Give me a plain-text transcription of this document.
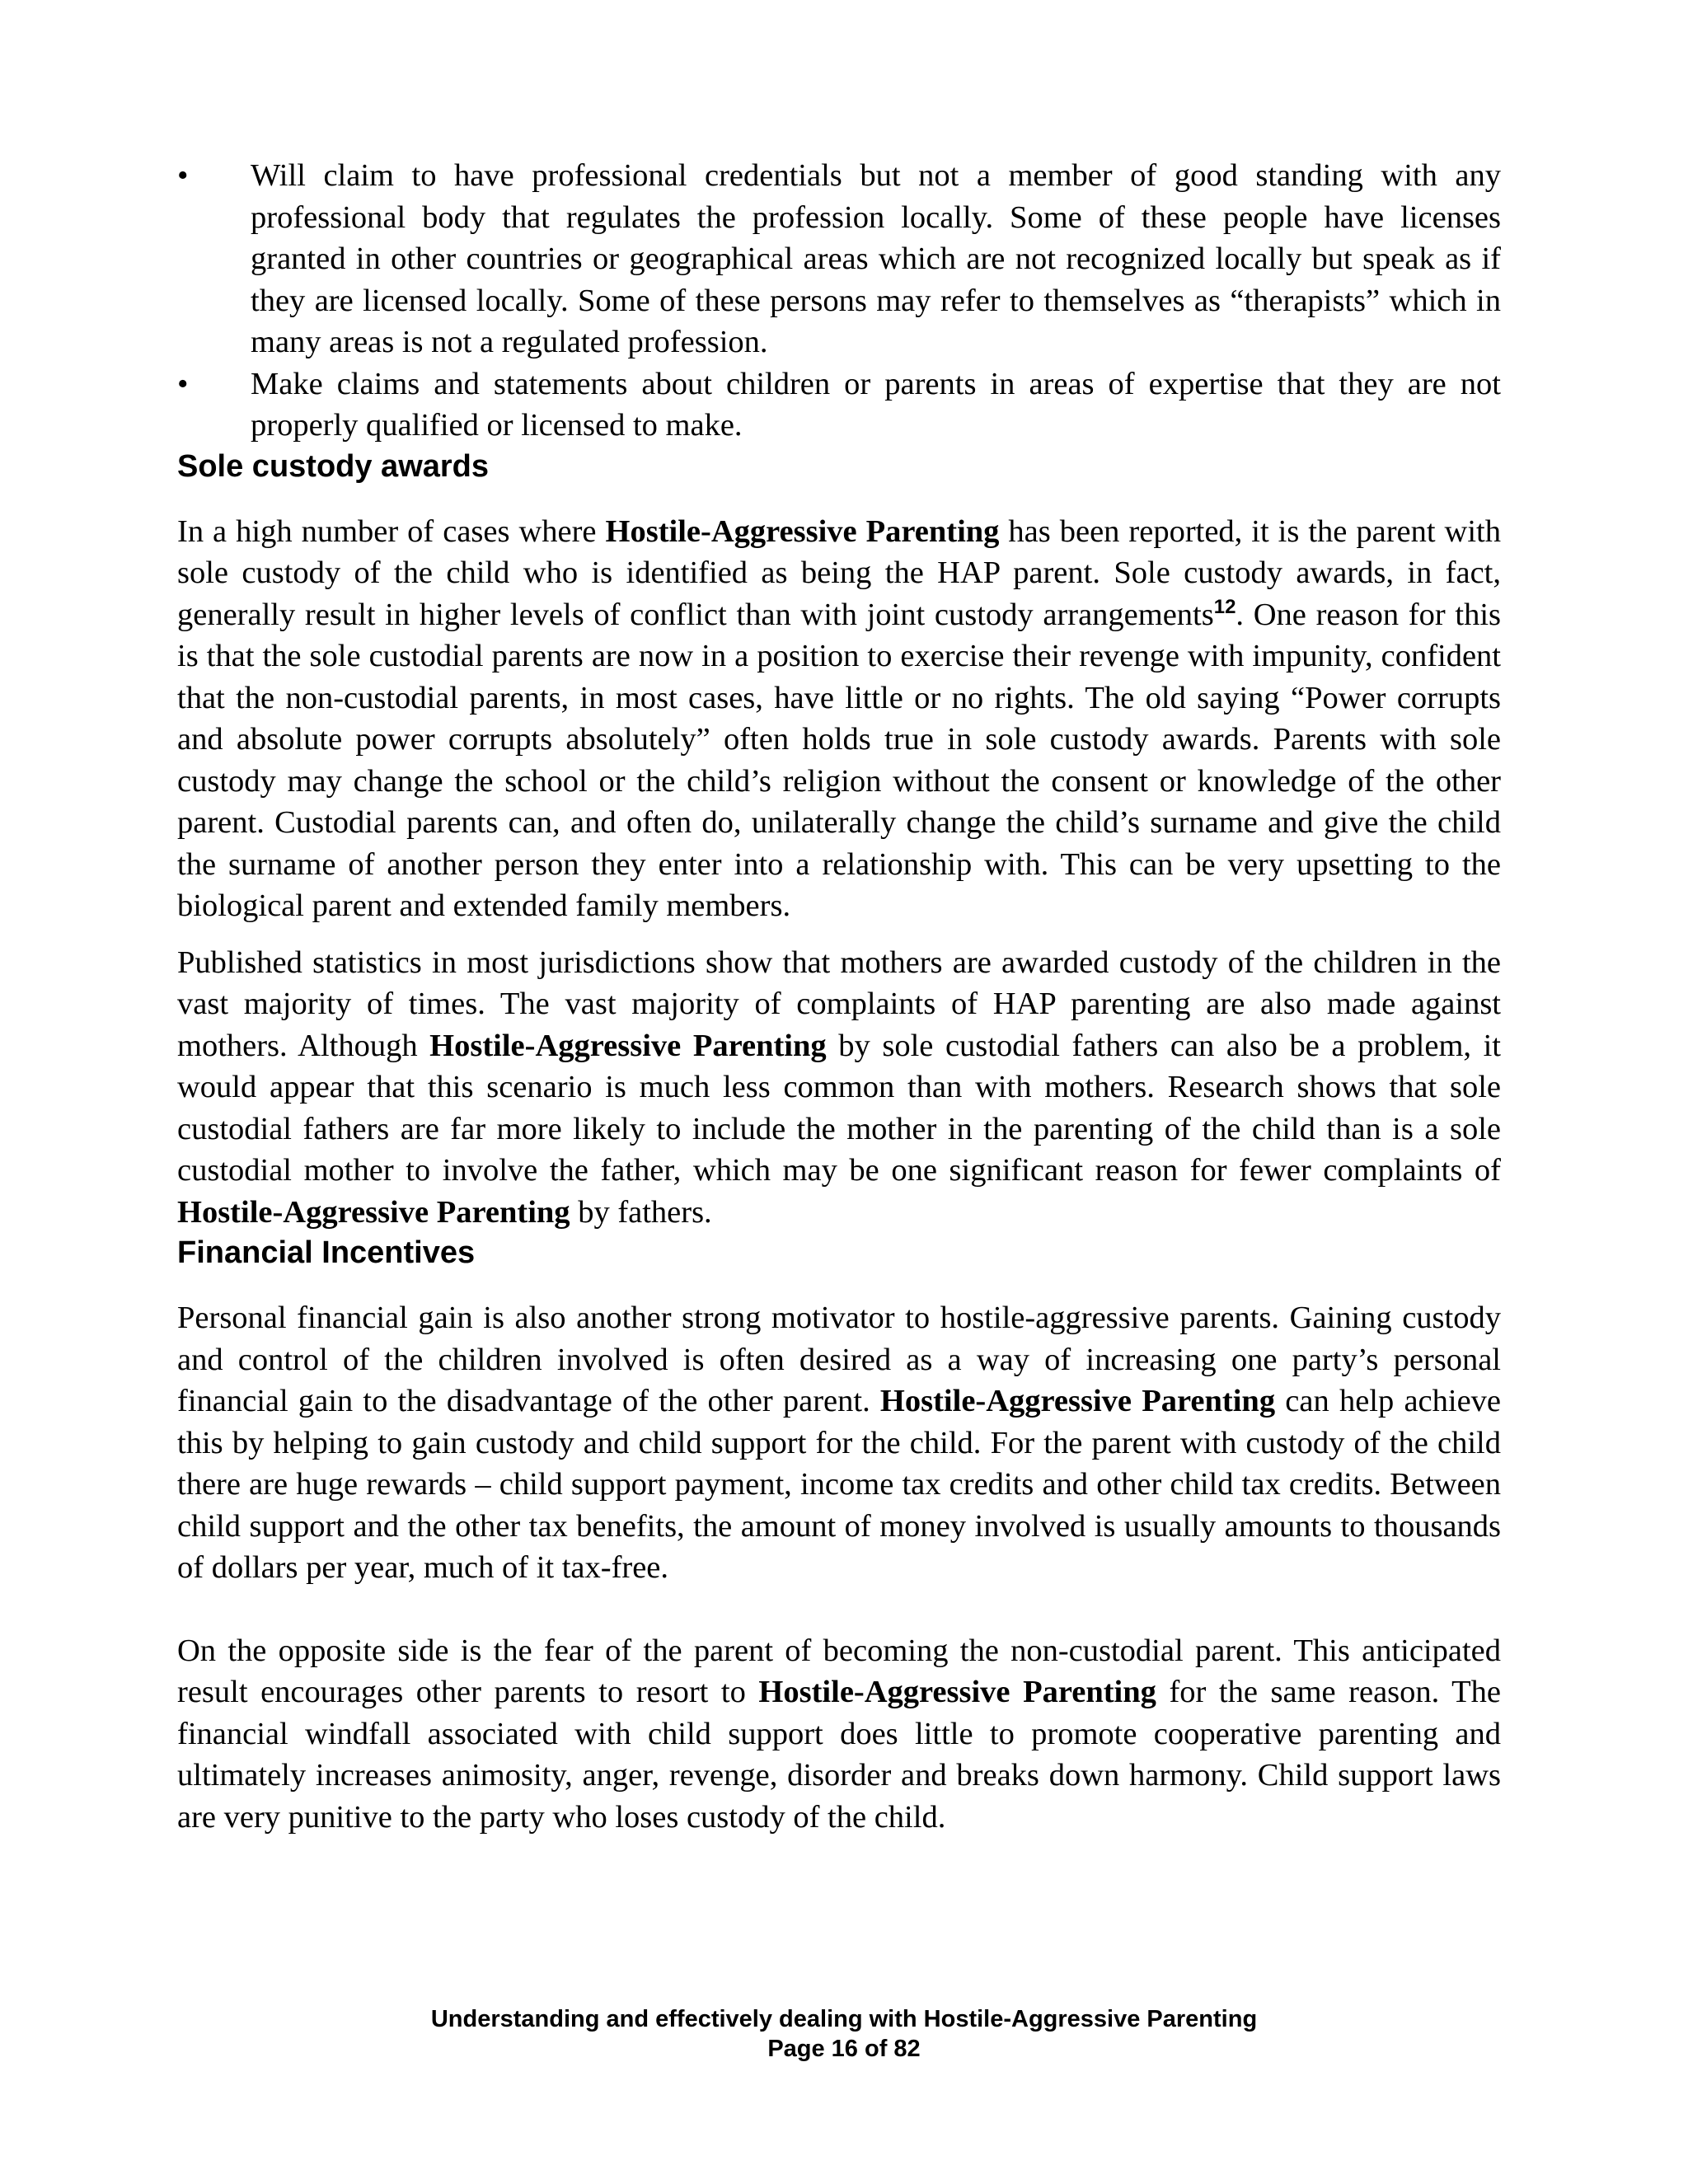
•	Will claim to have professional credentials but not a member of good standing with any professional body that regulates the profession locally. Some of these people have licenses granted in other countries or geographical areas which are not recognized locally but speak as if they are licensed locally. Some of these persons may refer to themselves as “therapists” which in many areas is not a regulated profession.
•	Make claims and statements about children or parents in areas of expertise that they are not properly qualified or licensed to make.
Sole custody awards

In a high number of cases where Hostile-Aggressive Parenting has been reported, it is the parent with sole custody of the child who is identified as being the HAP parent. Sole custody awards, in fact, generally result in higher levels of conflict than with joint custody arrangements$^{12}$. One reason for this is that the sole custodial parents are now in a position to exercise their revenge with impunity, confident that the non-custodial parents, in most cases, have little or no rights. The old saying “Power corrupts and absolute power corrupts absolutely” often holds true in sole custody awards. Parents with sole custody may change the school or the child’s religion without the consent or knowledge of the other parent. Custodial parents can, and often do, unilaterally change the child’s surname and give the child the surname of another person they enter into a relationship with. This can be very upsetting to the biological parent and extended family members.

Published statistics in most jurisdictions show that mothers are awarded custody of the children in the vast majority of times. The vast majority of complaints of HAP parenting are also made against mothers. Although Hostile-Aggressive Parenting by sole custodial fathers can also be a problem, it would appear that this scenario is much less common than with mothers. Research shows that sole custodial fathers are far more likely to include the mother in the parenting of the child than is a sole custodial mother to involve the father, which may be one significant reason for fewer complaints of Hostile-Aggressive Parenting by fathers.

Financial Incentives

Personal financial gain is also another strong motivator to hostile-aggressive parents. Gaining custody and control of the children involved is often desired as a way of increasing one party’s personal financial gain to the disadvantage of the other parent. Hostile-Aggressive Parenting can help achieve this by helping to gain custody and child support for the child. For the parent with custody of the child there are huge rewards – child support payment, income tax credits and other child tax credits. Between child support and the other tax benefits, the amount of money involved is usually amounts to thousands of dollars per year, much of it tax-free.

On the opposite side is the fear of the parent of becoming the non-custodial parent. This anticipated result encourages other parents to resort to Hostile-Aggressive Parenting for the same reason. The financial windfall associated with child support does little to promote cooperative parenting and ultimately increases animosity, anger, revenge, disorder and breaks down harmony. Child support laws are very punitive to the party who loses custody of the child.

Understanding and effectively dealing with Hostile-Aggressive Parenting
Page 16 of 82
